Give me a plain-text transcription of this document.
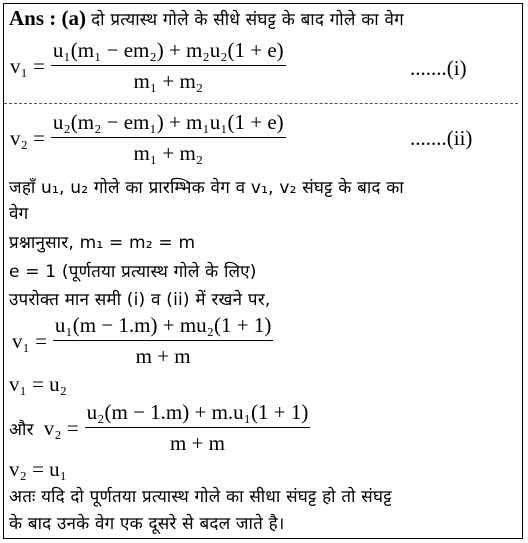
Ans : (a) दो प्रत्यास्थ गोले के सीधे संघट्ट के बाद गोले का वेग
$v_1 = \frac{\text{u₁(m₁ − em₂) + m₂u₂(1 + e)}}{\text{m₁ + m₂}}$	.......(i)
$v_2 = \frac{\text{u₂(m₂ − em₁) + m₁u₁(1 + e)}}{\text{m₁ + m₂}}$	.......(ii)
जहाँ u₁, u₂ गोले का प्रारम्भिक वेग व v₁, v₂ संघट्ट के बाद का
वेग
प्रश्नानुसार, m₁ = m₂ = m
e = 1 (पूर्णतया प्रत्यास्थ गोले के लिए)
उपरोक्त मान समी (i) व (ii) में रखने पर,
$v_1 = \frac{\text{u₁(m − 1.m) + mu₂(1 + 1)}}{m + m}$
v₁ = u₂
और $v_2 = \frac{\text{u₂(m − 1.m) + m.u₁(1 + 1)}}{m + m}$
v₂ = u₁
अतः यदि दो पूर्णतया प्रत्यास्थ गोले का सीधा संघट्ट हो तो संघट्ट
के बाद उनके वेग एक दूसरे से बदल जाते है।
